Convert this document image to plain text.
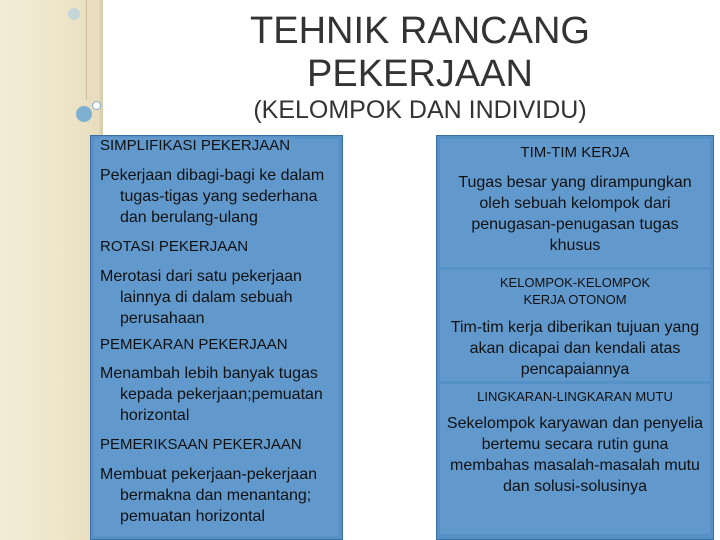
TEHNIK RANCANG
PEKERJAAN
(KELOMPOK DAN INDIVIDU)
SIMPLIFIKASI PEKERJAAN
Pekerjaan dibagi-bagi ke dalam tugas-tigas yang sederhana dan berulang-ulang
ROTASI PEKERJAAN
Merotasi dari satu pekerjaan lainnya di dalam sebuah perusahaan
PEMEKARAN PEKERJAAN
Menambah lebih banyak tugas kepada pekerjaan;pemuatan horizontal
PEMERIKSAAN PEKERJAAN
Membuat pekerjaan-pekerjaan bermakna dan menantang; pemuatan horizontal
TIM-TIM KERJA
Tugas besar yang dirampungkan oleh sebuah kelompok dari penugasan-penugasan tugas khusus
KELOMPOK-KELOMPOK KERJA OTONOM
Tim-tim kerja diberikan tujuan yang akan dicapai dan kendali atas pencapaiannya
LINGKARAN-LINGKARAN MUTU
Sekelompok karyawan dan penyelia bertemu secara rutin guna membahas masalah-masalah mutu dan solusi-solusinya
